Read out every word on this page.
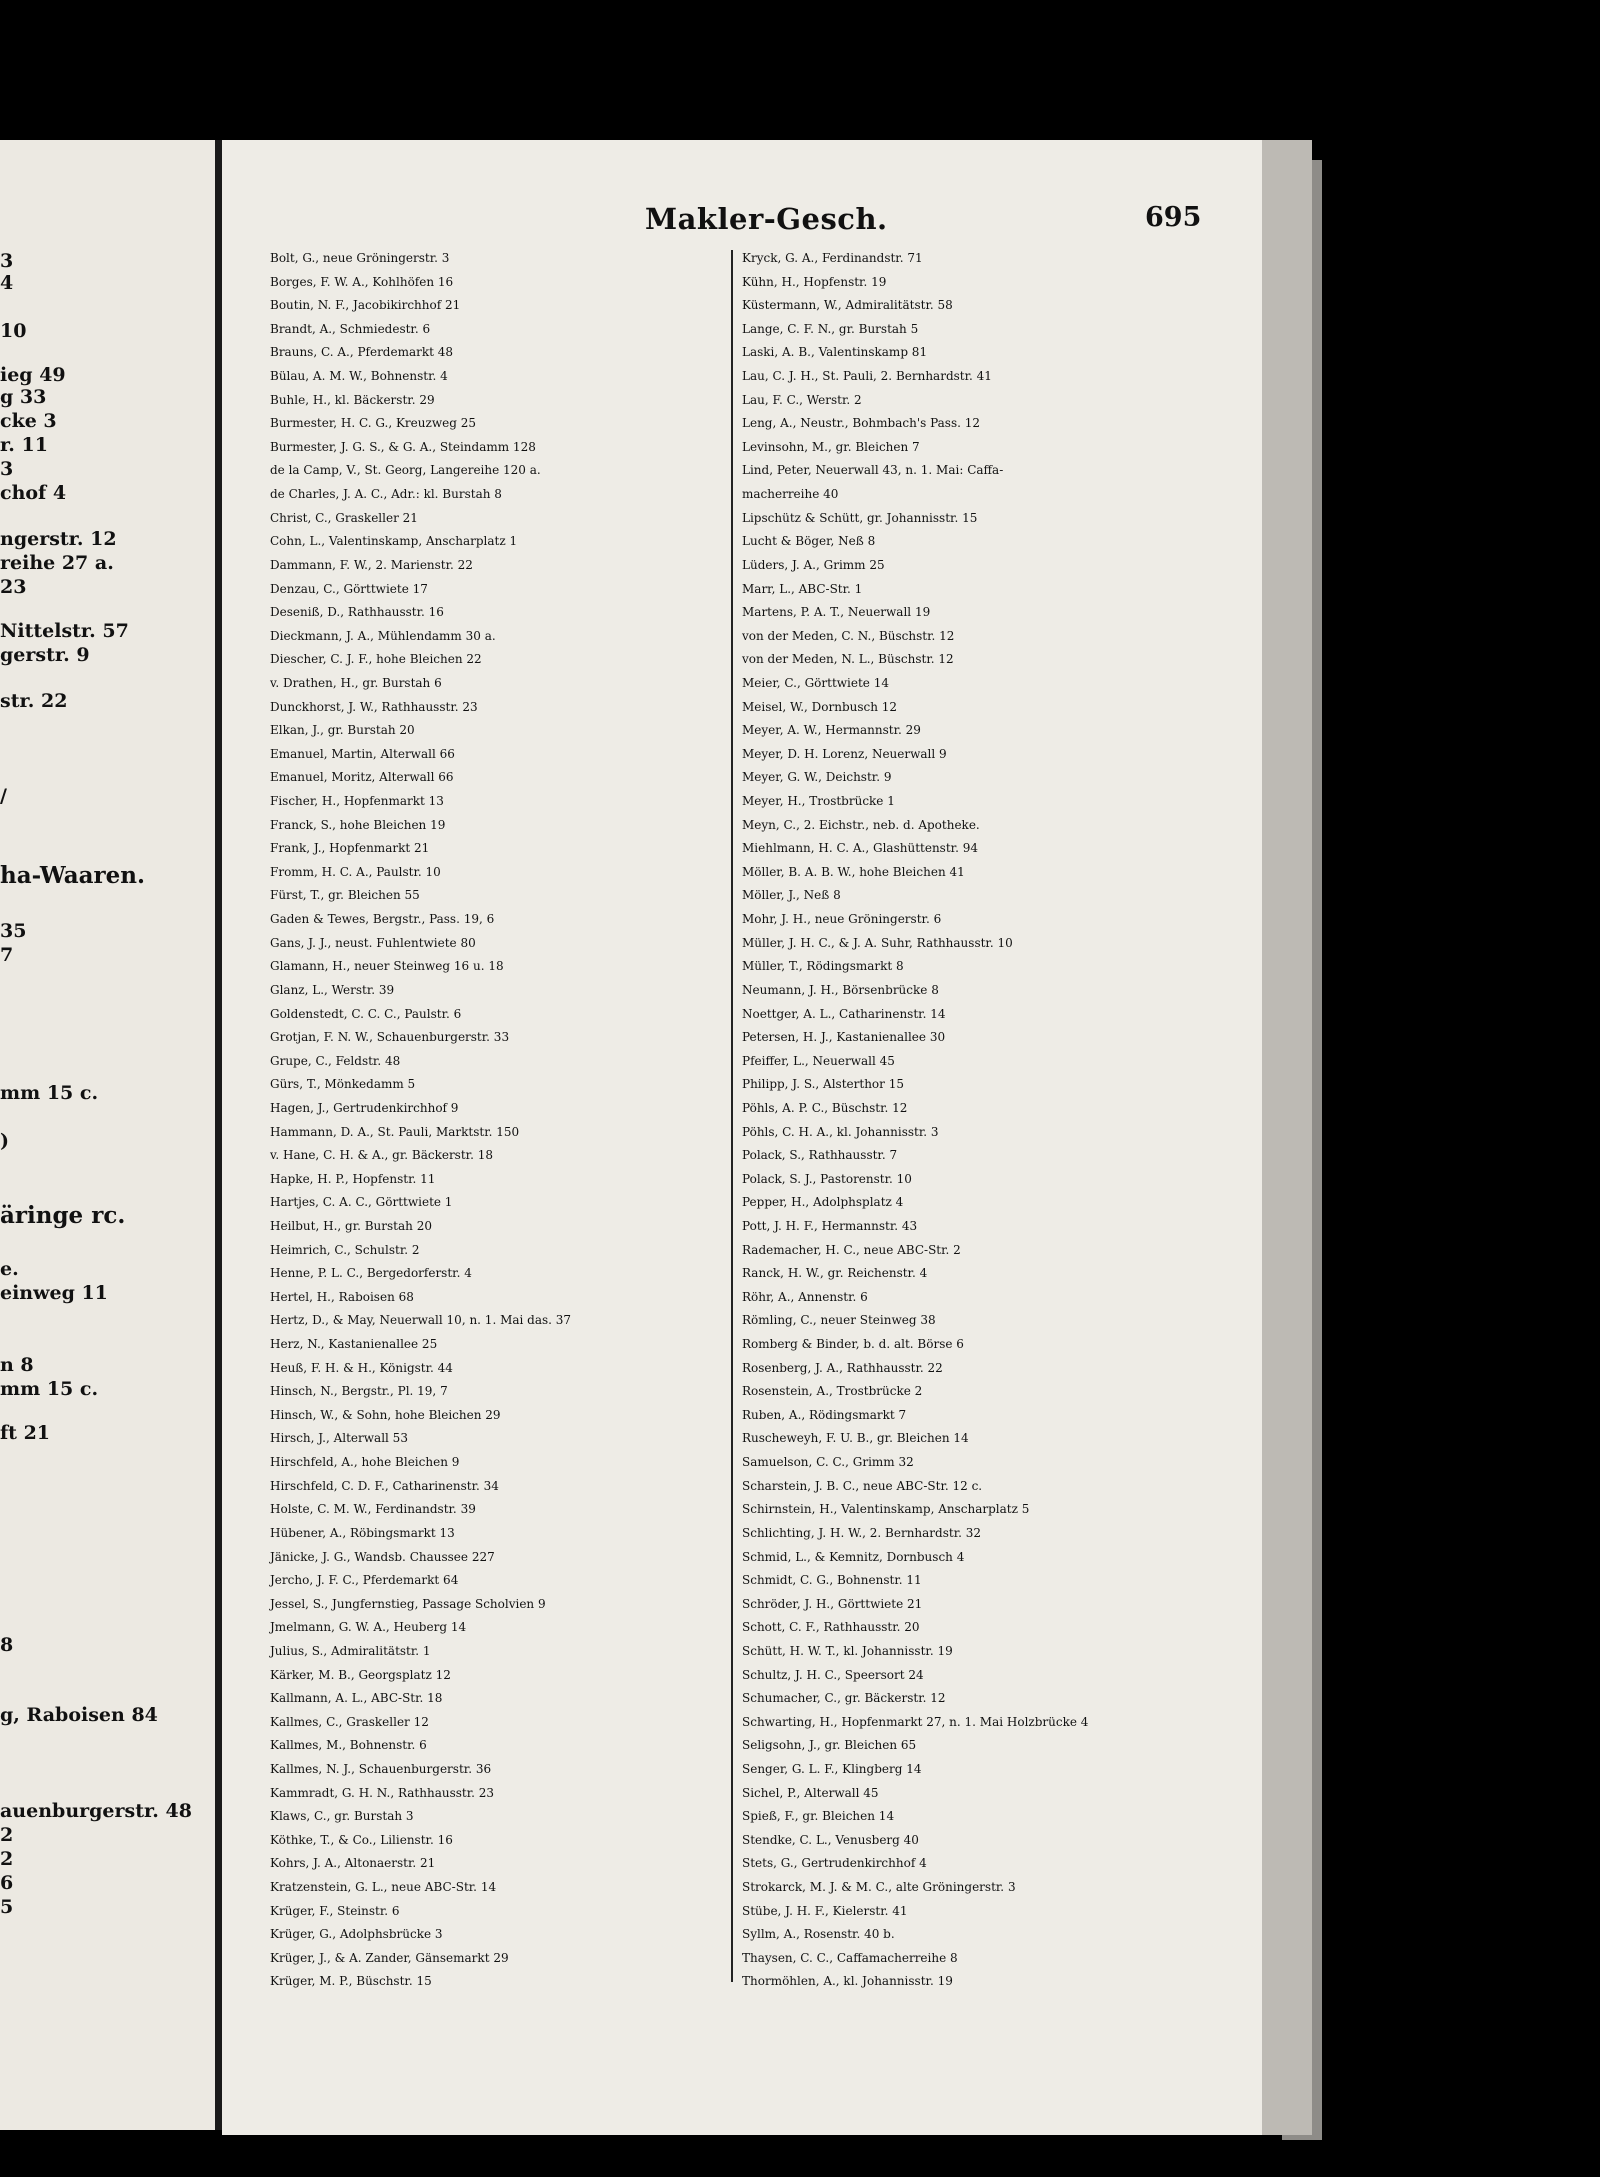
3
4
10
ieg 49
g 33
cke 3
r. 11
3
chof 4
ngerstr. 12
reihe 27 a.
23
Nittelstr. 57
gerstr. 9
str. 22
/
ha-Waaren.
35
7
mm 15 c.
)
äringe rc.
e.
einweg 11
n 8
mm 15 c.
ft 21
8
g, Raboisen 84
auenburgerstr. 48
2
2
6
5
Makler-Gesch.	695
Bolt, G., neue Gröningerstr. 3
Borges, F. W. A., Kohlhöfen 16
Boutin, N. F., Jacobikirchhof 21
Brandt, A., Schmiedestr. 6
Brauns, C. A., Pferdemarkt 48
Bülau, A. M. W., Bohnenstr. 4
Buhle, H., kl. Bäckerstr. 29
Burmester, H. C. G., Kreuzweg 25
Burmester, J. G. S., & G. A., Steindamm 128
de la Camp, V., St. Georg, Langereihe 120 a.
de Charles, J. A. C., Adr.: kl. Burstah 8
Christ, C., Graskeller 21
Cohn, L., Valentinskamp, Anscharplatz 1
Dammann, F. W., 2. Marienstr. 22
Denzau, C., Görttwiete 17
Deseniß, D., Rathhausstr. 16
Dieckmann, J. A., Mühlendamm 30 a.
Diescher, C. J. F., hohe Bleichen 22
v. Drathen, H., gr. Burstah 6
Dunckhorst, J. W., Rathhausstr. 23
Elkan, J., gr. Burstah 20
Emanuel, Martin, Alterwall 66
Emanuel, Moritz, Alterwall 66
Fischer, H., Hopfenmarkt 13
Franck, S., hohe Bleichen 19
Frank, J., Hopfenmarkt 21
Fromm, H. C. A., Paulstr. 10
Fürst, T., gr. Bleichen 55
Gaden & Tewes, Bergstr., Pass. 19, 6
Gans, J. J., neust. Fuhlentwiete 80
Glamann, H., neuer Steinweg 16 u. 18
Glanz, L., Werstr. 39
Goldenstedt, C. C. C., Paulstr. 6
Grotjan, F. N. W., Schauenburgerstr. 33
Grupe, C., Feldstr. 48
Gürs, T., Mönkedamm 5
Hagen, J., Gertrudenkirchhof 9
Hammann, D. A., St. Pauli, Marktstr. 150
v. Hane, C. H. & A., gr. Bäckerstr. 18
Hapke, H. P., Hopfenstr. 11
Hartjes, C. A. C., Görttwiete 1
Heilbut, H., gr. Burstah 20
Heimrich, C., Schulstr. 2
Henne, P. L. C., Bergedorferstr. 4
Hertel, H., Raboisen 68
Hertz, D., & May, Neuerwall 10, n. 1. Mai das. 37
Herz, N., Kastanienallee 25
Heuß, F. H. & H., Königstr. 44
Hinsch, N., Bergstr., Pl. 19, 7
Hinsch, W., & Sohn, hohe Bleichen 29
Hirsch, J., Alterwall 53
Hirschfeld, A., hohe Bleichen 9
Hirschfeld, C. D. F., Catharinenstr. 34
Holste, C. M. W., Ferdinandstr. 39
Hübener, A., Röbingsmarkt 13
Jänicke, J. G., Wandsb. Chaussee 227
Jercho, J. F. C., Pferdemarkt 64
Jessel, S., Jungfernstieg, Passage Scholvien 9
Jmelmann, G. W. A., Heuberg 14
Julius, S., Admiralitätstr. 1
Kärker, M. B., Georgsplatz 12
Kallmann, A. L., ABC-Str. 18
Kallmes, C., Graskeller 12
Kallmes, M., Bohnenstr. 6
Kallmes, N. J., Schauenburgerstr. 36
Kammradt, G. H. N., Rathhausstr. 23
Klaws, C., gr. Burstah 3
Köthke, T., & Co., Lilienstr. 16
Kohrs, J. A., Altonaerstr. 21
Kratzenstein, G. L., neue ABC-Str. 14
Krüger, F., Steinstr. 6
Krüger, G., Adolphsbrücke 3
Krüger, J., & A. Zander, Gänsemarkt 29
Krüger, M. P., Büschstr. 15
Kryck, G. A., Ferdinandstr. 71
Kühn, H., Hopfenstr. 19
Küstermann, W., Admiralitätstr. 58
Lange, C. F. N., gr. Burstah 5
Laski, A. B., Valentinskamp 81
Lau, C. J. H., St. Pauli, 2. Bernhardstr. 41
Lau, F. C., Werstr. 2
Leng, A., Neustr., Bohmbach's Pass. 12
Levinsohn, M., gr. Bleichen 7
Lind, Peter, Neuerwall 43, n. 1. Mai: Caffa-
macherreihe 40
Lipschütz & Schütt, gr. Johannisstr. 15
Lucht & Böger, Neß 8
Lüders, J. A., Grimm 25
Marr, L., ABC-Str. 1
Martens, P. A. T., Neuerwall 19
von der Meden, C. N., Büschstr. 12
von der Meden, N. L., Büschstr. 12
Meier, C., Görttwiete 14
Meisel, W., Dornbusch 12
Meyer, A. W., Hermannstr. 29
Meyer, D. H. Lorenz, Neuerwall 9
Meyer, G. W., Deichstr. 9
Meyer, H., Trostbrücke 1
Meyn, C., 2. Eichstr., neb. d. Apotheke.
Miehlmann, H. C. A., Glashüttenstr. 94
Möller, B. A. B. W., hohe Bleichen 41
Möller, J., Neß 8
Mohr, J. H., neue Gröningerstr. 6
Müller, J. H. C., & J. A. Suhr, Rathhausstr. 10
Müller, T., Rödingsmarkt 8
Neumann, J. H., Börsenbrücke 8
Noettger, A. L., Catharinenstr. 14
Petersen, H. J., Kastanienallee 30
Pfeiffer, L., Neuerwall 45
Philipp, J. S., Alsterthor 15
Pöhls, A. P. C., Büschstr. 12
Pöhls, C. H. A., kl. Johannisstr. 3
Polack, S., Rathhausstr. 7
Polack, S. J., Pastorenstr. 10
Pepper, H., Adolphsplatz 4
Pott, J. H. F., Hermannstr. 43
Rademacher, H. C., neue ABC-Str. 2
Ranck, H. W., gr. Reichenstr. 4
Röhr, A., Annenstr. 6
Römling, C., neuer Steinweg 38
Romberg & Binder, b. d. alt. Börse 6
Rosenberg, J. A., Rathhausstr. 22
Rosenstein, A., Trostbrücke 2
Ruben, A., Rödingsmarkt 7
Ruscheweyh, F. U. B., gr. Bleichen 14
Samuelson, C. C., Grimm 32
Scharstein, J. B. C., neue ABC-Str. 12 c.
Schirnstein, H., Valentinskamp, Anscharplatz 5
Schlichting, J. H. W., 2. Bernhardstr. 32
Schmid, L., & Kemnitz, Dornbusch 4
Schmidt, C. G., Bohnenstr. 11
Schröder, J. H., Görttwiete 21
Schott, C. F., Rathhausstr. 20
Schütt, H. W. T., kl. Johannisstr. 19
Schultz, J. H. C., Speersort 24
Schumacher, C., gr. Bäckerstr. 12
Schwarting, H., Hopfenmarkt 27, n. 1. Mai Holzbrücke 4
Seligsohn, J., gr. Bleichen 65
Senger, G. L. F., Klingberg 14
Sichel, P., Alterwall 45
Spieß, F., gr. Bleichen 14
Stendke, C. L., Venusberg 40
Stets, G., Gertrudenkirchhof 4
Strokarck, M. J. & M. C., alte Gröningerstr. 3
Stübe, J. H. F., Kielerstr. 41
Syllm, A., Rosenstr. 40 b.
Thaysen, C. C., Caffamacherreihe 8
Thormöhlen, A., kl. Johannisstr. 19
